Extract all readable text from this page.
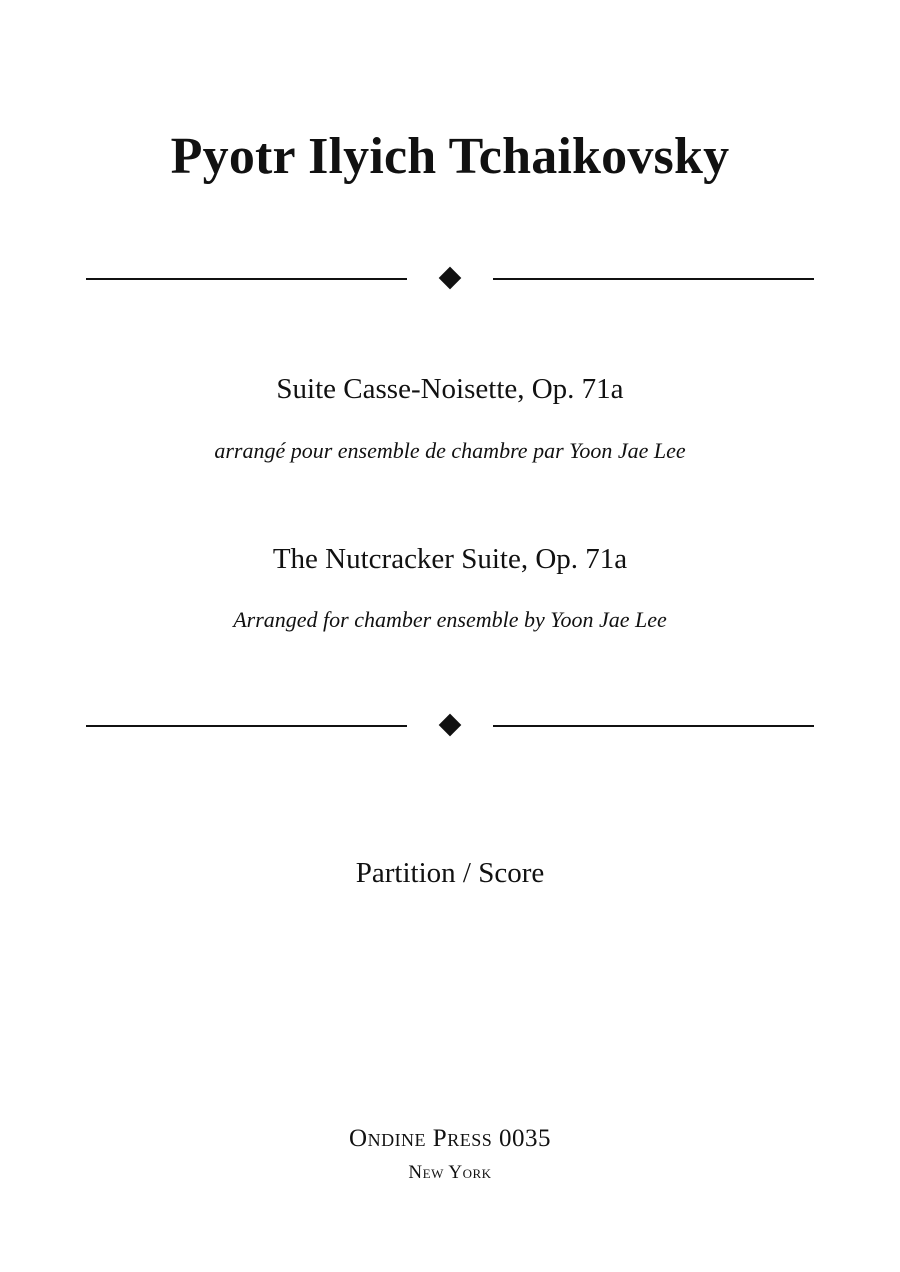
Pyotr Ilyich Tchaikovsky
Suite Casse-Noisette, Op. 71a
arrangé pour ensemble de chambre par Yoon Jae Lee
The Nutcracker Suite, Op. 71a
Arranged for chamber ensemble by Yoon Jae Lee
Partition / Score
Ondine Press 0035
New York
